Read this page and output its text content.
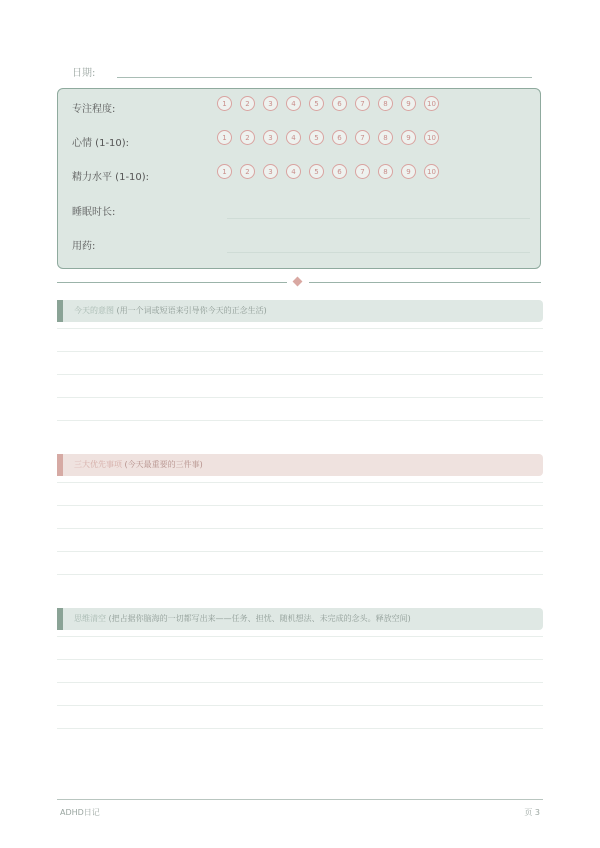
日期:
专注程度:
1	2	3	4	5	6	7	8	9	10
心情 (1-10):
1	2	3	4	5	6	7	8	9	10
精力水平 (1-10):
1	2	3	4	5	6	7	8	9	10
睡眠时长:
用药:
今天的意图 (用一个词或短语来引导你今天的正念生活)
三大优先事项 (今天最重要的三件事)
思维清空 (把占据你脑海的一切都写出来——任务、担忧、随机想法、未完成的念头。释放空间)
ADHD日记	页 3
